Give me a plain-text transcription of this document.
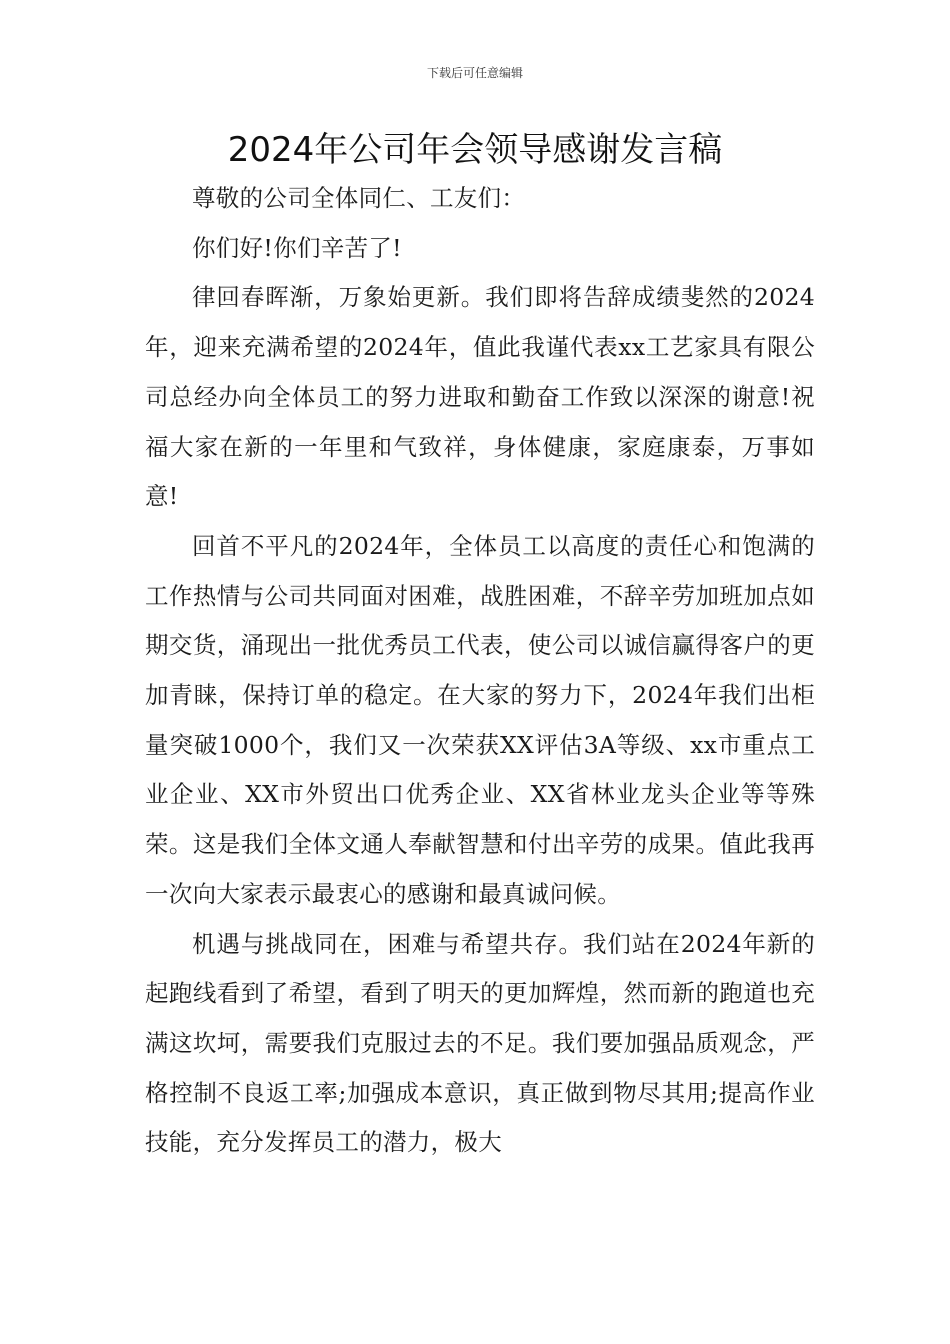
下载后可任意编辑
2024年公司年会领导感谢发言稿

尊敬的公司全体同仁、工友们：

你们好!你们辛苦了!

律回春晖渐，万象始更新。我们即将告辞成绩斐然的2024年，迎来充满希望的2024年，值此我谨代表xx工艺家具有限公司总经办向全体员工的努力进取和勤奋工作致以深深的谢意!祝福大家在新的一年里和气致祥，身体健康，家庭康泰，万事如意!

回首不平凡的2024年，全体员工以高度的责任心和饱满的工作热情与公司共同面对困难，战胜困难，不辞辛劳加班加点如期交货，涌现出一批优秀员工代表，使公司以诚信赢得客户的更加青睐，保持订单的稳定。在大家的努力下，2024年我们出柜量突破1000个，我们又一次荣获XX评估3A等级、xx市重点工业企业、XX市外贸出口优秀企业、XX省林业龙头企业等等殊荣。这是我们全体文通人奉献智慧和付出辛劳的成果。值此我再一次向大家表示最衷心的感谢和最真诚问候。

机遇与挑战同在，困难与希望共存。我们站在2024年新的起跑线看到了希望，看到了明天的更加辉煌，然而新的跑道也充满这坎坷，需要我们克服过去的不足。我们要加强品质观念，严格控制不良返工率;加强成本意识，真正做到物尽其用;提高作业技能，充分发挥员工的潜力，极大
